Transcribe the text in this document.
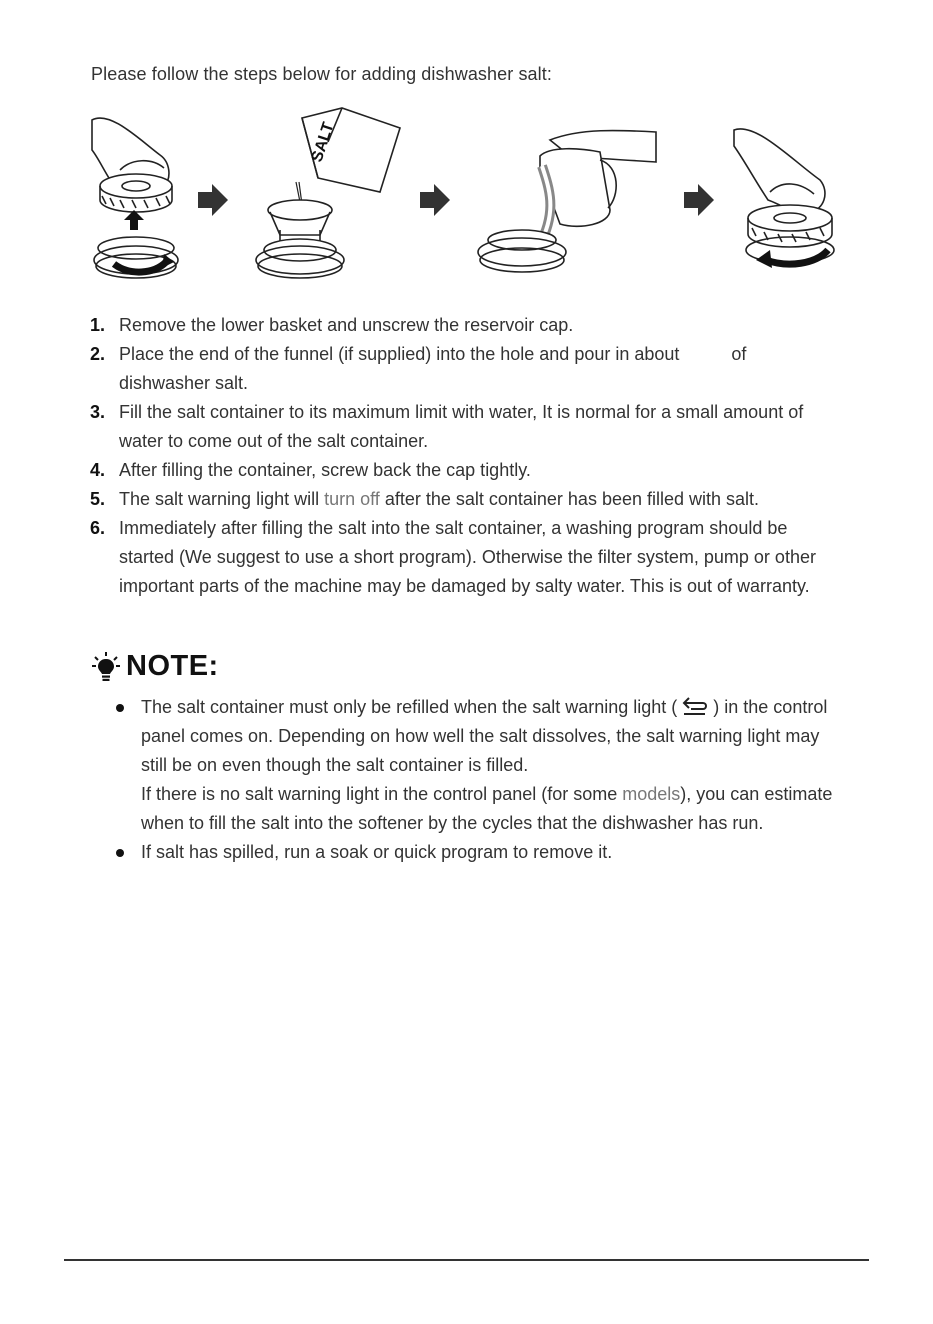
Please follow the steps below for adding dishwasher salt:
SALT
1. Remove the lower basket and unscrew the reservoir cap.
2. Place the end of the funnel (if supplied) into the hole and pour in about	of dishwasher salt.
3. Fill the salt container to its maximum limit with water, It is normal for a small amount of water to come out of the salt container.
4. After filling the container, screw back the cap tightly.
5. The salt warning light will turn off after the salt container has been filled with salt.
6. Immediately after filling the salt into the salt container, a washing program should be started (We suggest to use a short program). Otherwise the filter system, pump or other important parts of the machine may be damaged by salty water. This is out of warranty.
NOTE:
The salt container must only be refilled when the salt warning light ( ) in the control panel comes on. Depending on how well the salt dissolves, the salt warning light may still be on even though the salt container is filled.
If there is no salt warning light in the control panel (for some models), you can estimate when to fill the salt into the softener by the cycles that the dishwasher has run.
If salt has spilled, run a soak or quick program to remove it.
